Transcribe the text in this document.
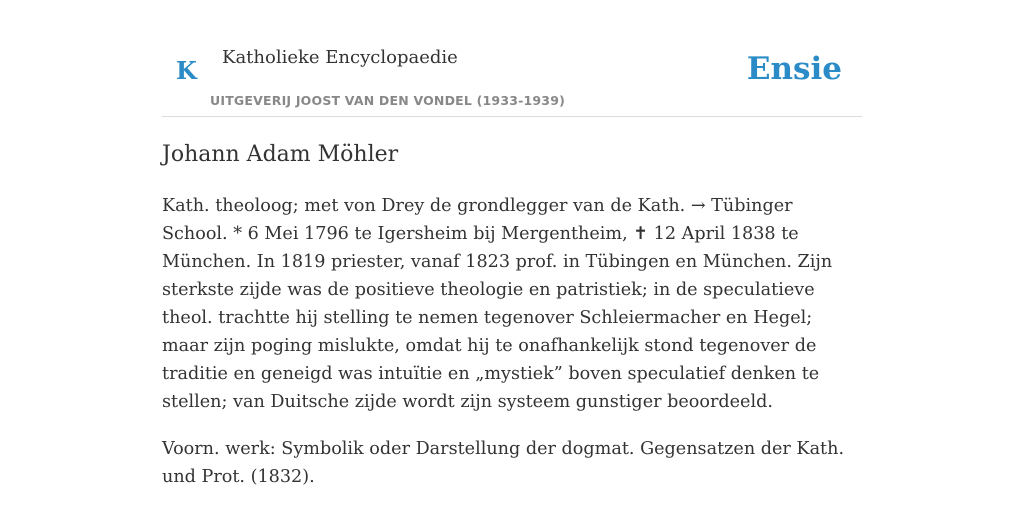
K Katholieke Encyclopaedie
UITGEVERIJ JOOST VAN DEN VONDEL (1933-1939)
Ensie
Johann Adam Möhler

Kath. theoloog; met von Drey de grondlegger van de Kath. → Tübinger School. * 6 Mei 1796 te Igersheim bij Mergentheim, ✝ 12 April 1838 te München. In 1819 priester, vanaf 1823 prof. in Tübingen en München. Zijn sterkste zijde was de positieve theologie en patristiek; in de speculatieve theol. trachtte hij stelling te nemen tegenover Schleiermacher en Hegel; maar zijn poging mislukte, omdat hij te onafhankelijk stond tegenover de traditie en geneigd was intuïtie en „mystiek” boven speculatief denken te stellen; van Duitsche zijde wordt zijn systeem gunstiger beoordeeld.

Voorn. werk: Symbolik oder Darstellung der dogmat. Gegensatzen der Kath. und Prot. (1832).
